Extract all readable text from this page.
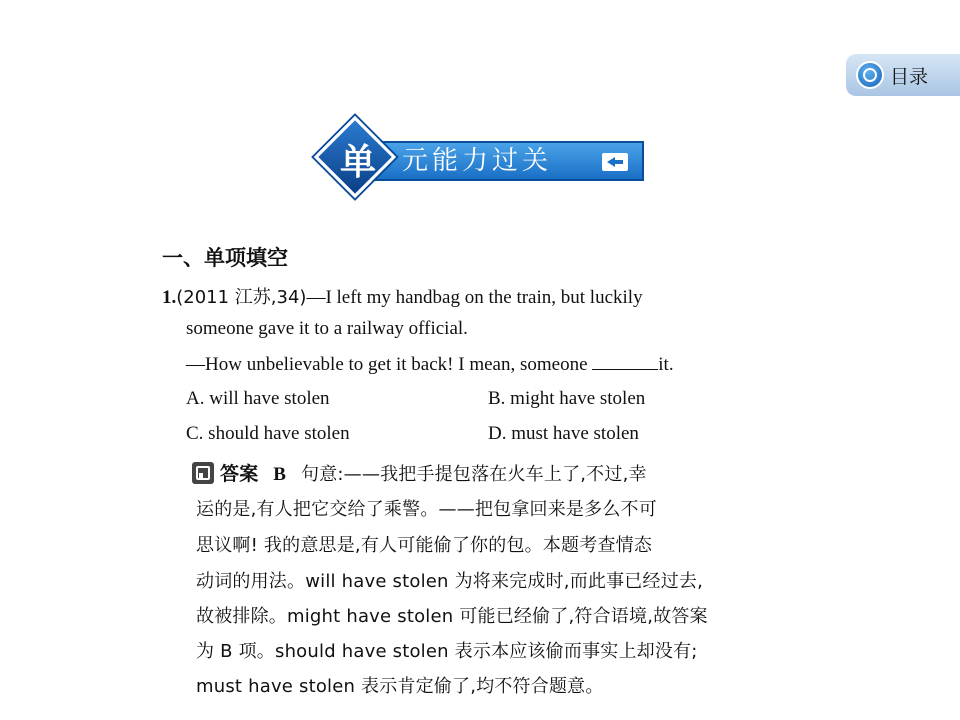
目录
单	元能力过关
一、单项填空
1.(2011 江苏,34)—I left my handbag on the train, but luckily
someone gave it to a railway official.
—How unbelievable to get it back! I mean, someone	it.
A. will have stolen	B. might have stolen
C. should have stolen	D. must have stolen
答案 B 句意:——我把手提包落在火车上了,不过,幸
运的是,有人把它交给了乘警。——把包拿回来是多么不可
思议啊! 我的意思是,有人可能偷了你的包。本题考查情态
动词的用法。will have stolen 为将来完成时,而此事已经过去,
故被排除。might have stolen 可能已经偷了,符合语境,故答案
为 B 项。should have stolen 表示本应该偷而事实上却没有;
must have stolen 表示肯定偷了,均不符合题意。
